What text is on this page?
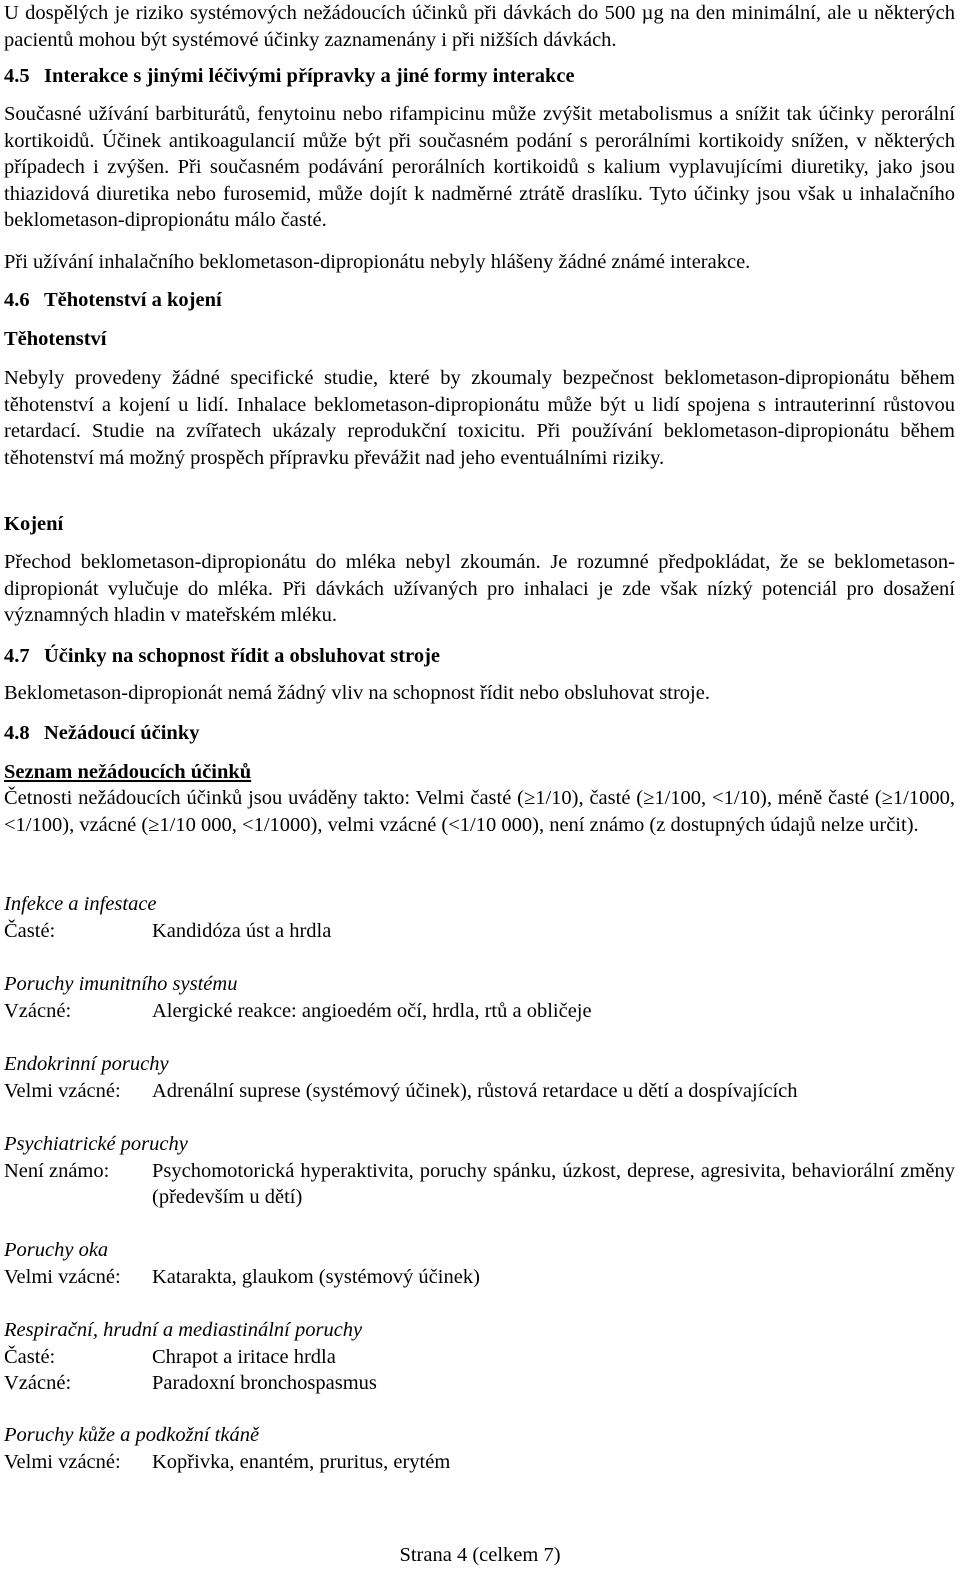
U dospělých je riziko systémových nežádoucích účinků při dávkách do 500 µg na den minimální, ale u některých pacientů mohou být systémové účinky zaznamenány i při nižších dávkách.

4.5 Interakce s jinými léčivými přípravky a jiné formy interakce

Současné užívání barbiturátů, fenytoinu nebo rifampicinu může zvýšit metabolismus a snížit tak účinky perorální kortikoidů. Účinek antikoagulancií může být při současném podání s perorálními kortikoidy snížen, v některých případech i zvýšen. Při současném podávání perorálních kortikoidů s kalium vyplavujícími diuretiky, jako jsou thiazidová diuretika nebo furosemid, může dojít k nadměrné ztrátě draslíku. Tyto účinky jsou však u inhalačního beklometason-dipropionátu málo časté.

Při užívání inhalačního beklometason-dipropionátu nebyly hlášeny žádné známé interakce.

4.6 Těhotenství a kojení

Těhotenství

Nebyly provedeny žádné specifické studie, které by zkoumaly bezpečnost beklometason-dipropionátu během těhotenství a kojení u lidí. Inhalace beklometason-dipropionátu může být u lidí spojena s intrauterinní růstovou retardací. Studie na zvířatech ukázaly reprodukční toxicitu. Při používání beklometason-dipropionátu během těhotenství má možný prospěch přípravku převážit nad jeho eventuálními riziky.

Kojení

Přechod beklometason-dipropionátu do mléka nebyl zkoumán. Je rozumné předpokládat, že se beklometason-dipropionát vylučuje do mléka. Při dávkách užívaných pro inhalaci je zde však nízký potenciál pro dosažení významných hladin v mateřském mléku.

4.7 Účinky na schopnost řídit a obsluhovat stroje

Beklometason-dipropionát nemá žádný vliv na schopnost řídit nebo obsluhovat stroje.

4.8 Nežádoucí účinky

Seznam nežádoucích účinků

Četnosti nežádoucích účinků jsou uváděny takto: Velmi časté (≥1/10), časté (≥1/100, <1/10), méně časté (≥1/1000, <1/100), vzácné (≥1/10 000, <1/1000), velmi vzácné (<1/10 000), není známo (z dostupných údajů nelze určit).

Infekce a infestace

Časté:	Kandidóza úst a hrdla

Poruchy imunitního systému

Vzácné:	Alergické reakce: angioedém očí, hrdla, rtů a obličeje

Endokrinní poruchy

Velmi vzácné:	Adrenální suprese (systémový účinek), růstová retardace u dětí a dospívajících

Psychiatrické poruchy

Není známo:	Psychomotorická hyperaktivita, poruchy spánku, úzkost, deprese, agresivita, behaviorální změny (především u dětí)

Poruchy oka

Velmi vzácné:	Katarakta, glaukom (systémový účinek)

Respirační, hrudní a mediastinální poruchy

Časté:	Chrapot a iritace hrdla
Vzácné:	Paradoxní bronchospasmus

Poruchy kůže a podkožní tkáně

Velmi vzácné:	Kopřivka, enantém, pruritus, erytém
Strana 4 (celkem 7)
